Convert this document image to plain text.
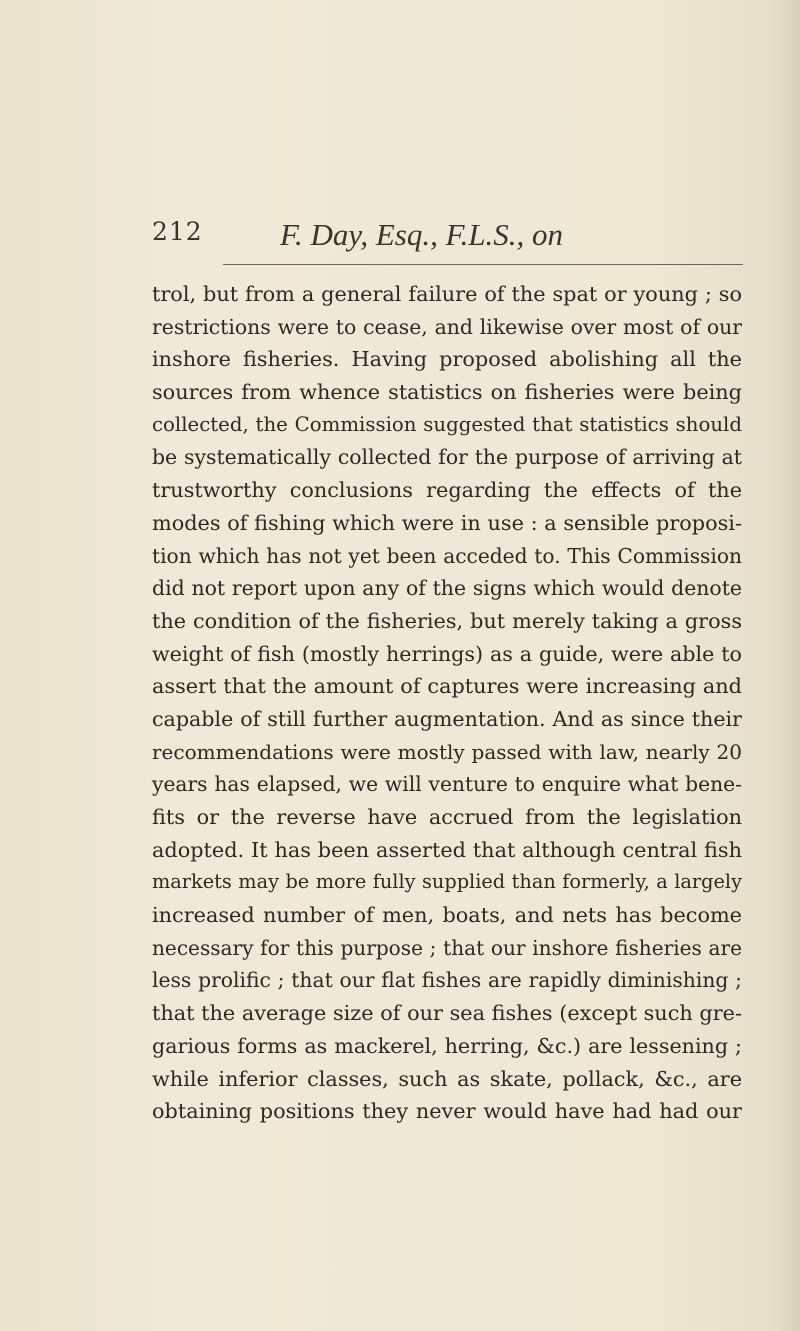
212 F. Day, Esq., F.L.S., on
trol, but from a general failure of the spat or young ; so
restrictions were to cease, and likewise over most of our
inshore fisheries. Having proposed abolishing all the
sources from whence statistics on fisheries were being
collected, the Commission suggested that statistics should
be systematically collected for the purpose of arriving at
trustworthy conclusions regarding the effects of the
modes of fishing which were in use : a sensible proposi-
tion which has not yet been acceded to. This Commission
did not report upon any of the signs which would denote
the condition of the fisheries, but merely taking a gross
weight of fish (mostly herrings) as a guide, were able to
assert that the amount of captures were increasing and
capable of still further augmentation. And as since their
recommendations were mostly passed with law, nearly 20
years has elapsed, we will venture to enquire what bene-
fits or the reverse have accrued from the legislation
adopted. It has been asserted that although central fish
markets may be more fully supplied than formerly, a largely
increased number of men, boats, and nets has become
necessary for this purpose ; that our inshore fisheries are
less prolific ; that our flat fishes are rapidly diminishing ;
that the average size of our sea fishes (except such gre-
garious forms as mackerel, herring, &c.) are lessening ;
while inferior classes, such as skate, pollack, &c., are
obtaining positions they never would have had had our
